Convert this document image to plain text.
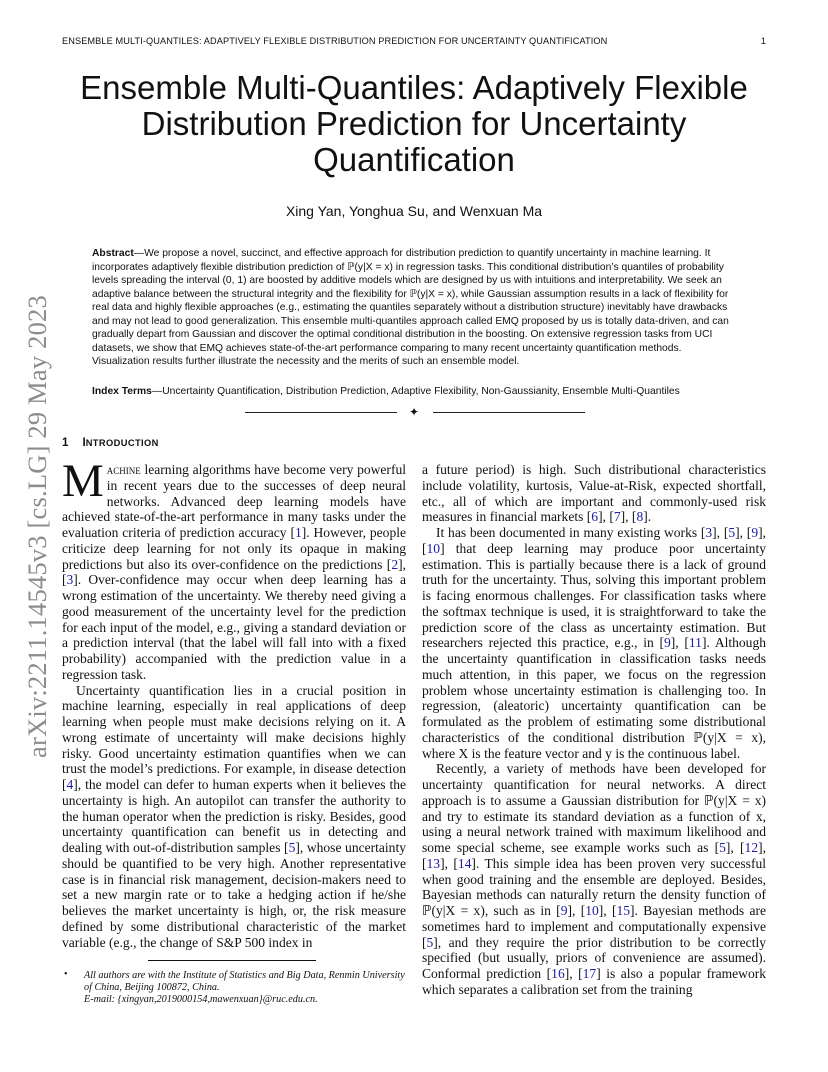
ENSEMBLE MULTI-QUANTILES: ADAPTIVELY FLEXIBLE DISTRIBUTION PREDICTION FOR UNCERTAINTY QUANTIFICATION	1
arXiv:2211.14545v3 [cs.LG] 29 May 2023
Ensemble Multi-Quantiles: Adaptively Flexible Distribution Prediction for Uncertainty Quantification
Xing Yan, Yonghua Su, and Wenxuan Ma

Abstract—We propose a novel, succinct, and effective approach for distribution prediction to quantify uncertainty in machine learning. It incorporates adaptively flexible distribution prediction of ℙ(y|X = x) in regression tasks. This conditional distribution’s quantiles of probability levels spreading the interval (0, 1) are boosted by additive models which are designed by us with intuitions and interpretability. We seek an adaptive balance between the structural integrity and the flexibility for ℙ(y|X = x), while Gaussian assumption results in a lack of flexibility for real data and highly flexible approaches (e.g., estimating the quantiles separately without a distribution structure) inevitably have drawbacks and may not lead to good generalization. This ensemble multi-quantiles approach called EMQ proposed by us is totally data-driven, and can gradually depart from Gaussian and discover the optimal conditional distribution in the boosting. On extensive regression tasks from UCI datasets, we show that EMQ achieves state-of-the-art performance comparing to many recent uncertainty quantification methods. Visualization results further illustrate the necessity and the merits of such an ensemble model.

Index Terms—Uncertainty Quantification, Distribution Prediction, Adaptive Flexibility, Non-Gaussianity, Ensemble Multi-Quantiles

✦
1 INTRODUCTION

Machine learning algorithms have become very powerful in recent years due to the successes of deep neural networks. Advanced deep learning models have achieved state-of-the-art performance in many tasks under the evaluation criteria of prediction accuracy [1]. However, people criticize deep learning for not only its opaque in making predictions but also its over-confidence on the predictions [2], [3]. Over-confidence may occur when deep learning has a wrong estimation of the uncertainty. We thereby need giving a good measurement of the uncertainty level for the prediction for each input of the model, e.g., giving a standard deviation or a prediction interval (that the label will fall into with a fixed probability) accompanied with the prediction value in a regression task.

Uncertainty quantification lies in a crucial position in machine learning, especially in real applications of deep learning when people must make decisions relying on it. A wrong estimate of uncertainty will make decisions highly risky. Good uncertainty estimation quantifies when we can trust the model’s predictions. For example, in disease detection [4], the model can defer to human experts when it believes the uncertainty is high. An autopilot can transfer the authority to the human operator when the prediction is risky. Besides, good uncertainty quantification can benefit us in detecting and dealing with out-of-distribution samples [5], whose uncertainty should be quantified to be very high. Another representative case is in financial risk management, decision-makers need to set a new margin rate or to take a hedging action if he/she believes the market uncertainty is high, or, the risk measure defined by some distributional characteristic of the market variable (e.g., the change of S&P 500 index in

a future period) is high. Such distributional characteristics include volatility, kurtosis, Value-at-Risk, expected shortfall, etc., all of which are important and commonly-used risk measures in financial markets [6], [7], [8].

It has been documented in many existing works [3], [5], [9], [10] that deep learning may produce poor uncertainty estimation. This is partially because there is a lack of ground truth for the uncertainty. Thus, solving this important problem is facing enormous challenges. For classification tasks where the softmax technique is used, it is straightforward to take the prediction score of the class as uncertainty estimation. But researchers rejected this practice, e.g., in [9], [11]. Although the uncertainty quantification in classification tasks needs much attention, in this paper, we focus on the regression problem whose uncertainty estimation is challenging too. In regression, (aleatoric) uncertainty quantification can be formulated as the problem of estimating some distributional characteristics of the conditional distribution ℙ(y|X = x), where X is the feature vector and y is the continuous label.

Recently, a variety of methods have been developed for uncertainty quantification for neural networks. A direct approach is to assume a Gaussian distribution for ℙ(y|X = x) and try to estimate its standard deviation as a function of x, using a neural network trained with maximum likelihood and some special scheme, see example works such as [5], [12], [13], [14]. This simple idea has been proven very successful when good training and the ensemble are deployed. Besides, Bayesian methods can naturally return the density function of ℙ(y|X = x), such as in [9], [10], [15]. Bayesian methods are sometimes hard to implement and computationally expensive [5], and they require the prior distribution to be correctly specified (but usually, priors of convenience are assumed). Conformal prediction [16], [17] is also a popular framework which separates a calibration set from the training

• All authors are with the Institute of Statistics and Big Data, Renmin University of China, Beijing 100872, China.
E-mail: {xingyan,2019000154,mawenxuan}@ruc.edu.cn.
